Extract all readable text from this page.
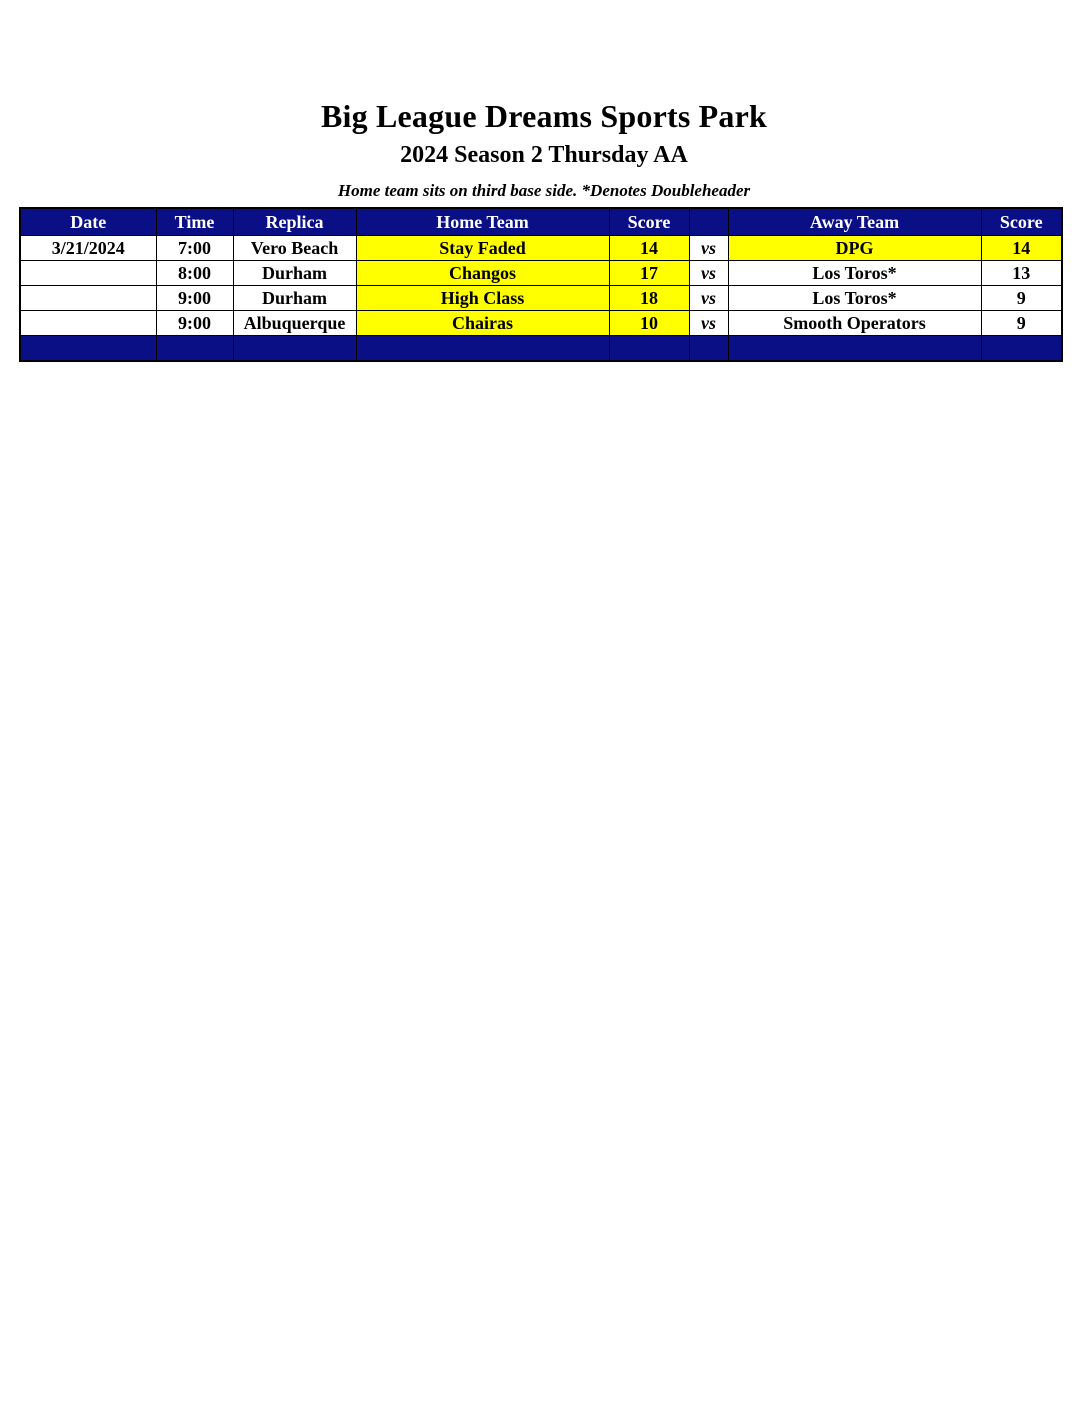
Big League Dreams Sports Park
2024 Season 2 Thursday AA
Home team sits on third base side. *Denotes Doubleheader
Date	Time	Replica	Home Team	Score		Away Team	Score
3/21/2024	7:00	Vero Beach	Stay Faded	14	vs	DPG	14
	8:00	Durham	Changos	17	vs	Los Toros*	13
	9:00	Durham	High Class	18	vs	Los Toros*	9
	9:00	Albuquerque	Chairas	10	vs	Smooth Operators	9
